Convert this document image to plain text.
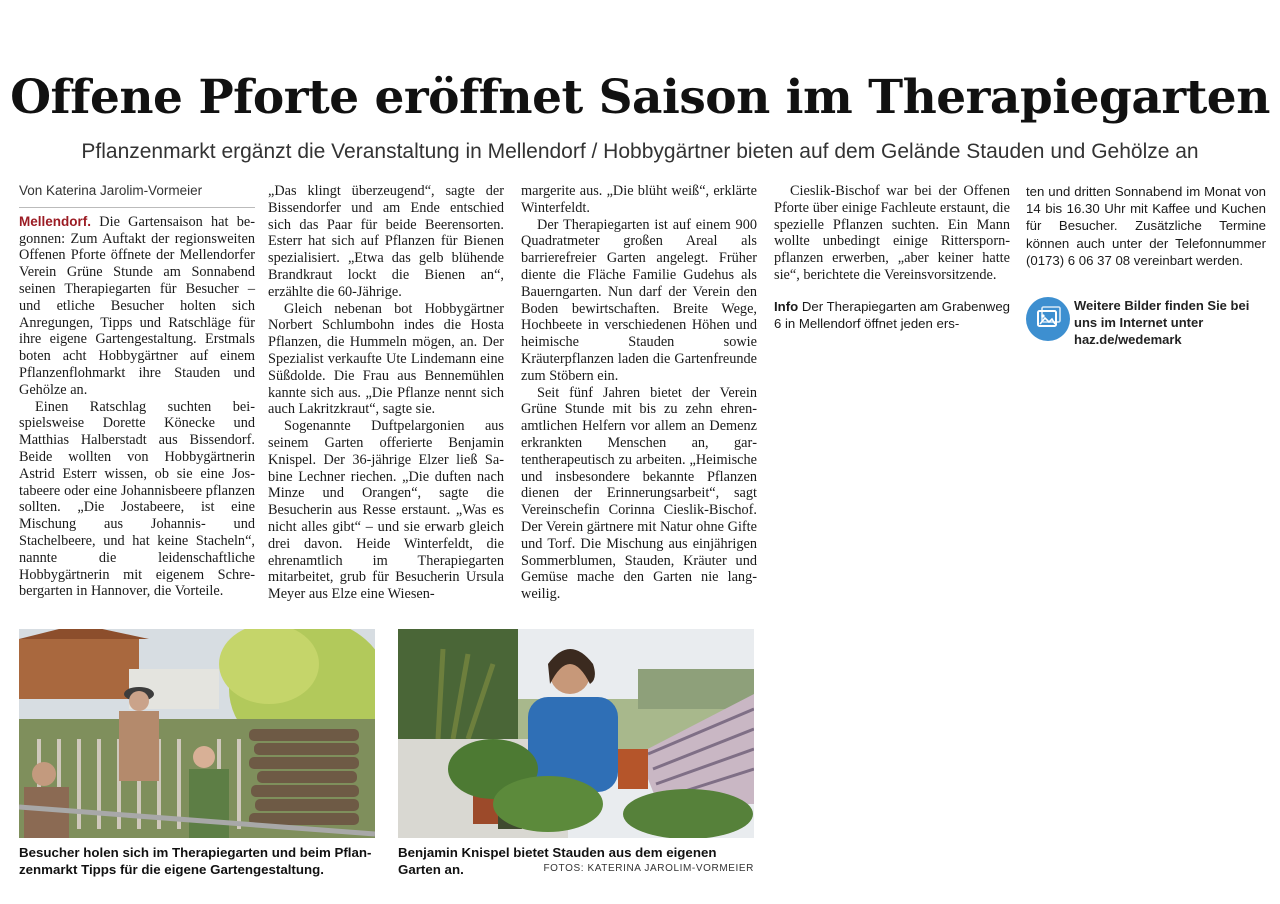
Offene Pforte eröffnet Saison im Therapiegarten

Pflanzenmarkt ergänzt die Veranstaltung in Mellendorf / Hobbygärtner bieten auf dem Gelände Stauden und Gehölze an

Von Katerina Jarolim-Vormeier

Mellendorf. Die Gartensaison hat begonnen: Zum Auftakt der regionsweiten Offenen Pforte öffnete der Mellendorfer Verein Grüne Stunde am Sonnabend seinen Therapiegarten für Besucher – und etliche Besucher holten sich Anregungen, Tipps und Ratschläge für ihre eigene Gartengestaltung. Erstmals boten acht Hobbygärtner auf einem Pflanzenflohmarkt ihre Stauden und Gehölze an.

Einen Ratschlag suchten beispielsweise Dorette Könecke und Matthias Halberstadt aus Bissendorf. Beide wollten von Hobbygärtnerin Astrid Esterr wissen, ob sie eine Jostabeere oder eine Johannisbeere pflanzen sollten. „Die Jostabeere, ist eine Mischung aus Johannis- und Stachelbeere, und hat keine Stacheln“, nannte die leidenschaftliche Hobbygärtnerin mit eigenem Schrebergarten in Hannover, die Vorteile.

„Das klingt überzeugend“, sagte der Bissendorfer und am Ende entschied sich das Paar für beide Beerensorten. Esterr hat sich auf Pflanzen für Bienen spezialisiert. „Etwa das gelb blühende Brandkraut lockt die Bienen an“, erzählte die 60-Jährige.

Gleich nebenan bot Hobbygärtner Norbert Schlumbohn indes die Hosta Pflanzen, die Hummeln mögen, an. Der Spezialist verkaufte Ute Lindemann eine Süßdolde. Die Frau aus Bennemühlen kannte sich aus. „Die Pflanze nennt sich auch Lakritzkraut“, sagte sie.

Sogenannte Duftpelargonien aus seinem Garten offerierte Benjamin Knispel. Der 36-jährige Elzer ließ Sabine Lechner riechen. „Die duften nach Minze und Orangen“, sagte die Besucherin aus Resse erstaunt. „Was es nicht alles gibt“ – und sie erwarb gleich drei davon. Heide Winterfeldt, die ehrenamtlich im Therapiegarten mitarbeitet, grub für Besucherin Ursula Meyer aus Elze eine Wiesen-

margerite aus. „Die blüht weiß“, erklärte Winterfeldt.

Der Therapiegarten ist auf einem 900 Quadratmeter großen Areal als barrierefreier Garten angelegt. Früher diente die Fläche Familie Gudehus als Bauerngarten. Nun darf der Verein den Boden bewirtschaften. Breite Wege, Hochbeete in verschiedenen Höhen und heimische Stauden sowie Kräuterpflanzen laden die Gartenfreunde zum Stöbern ein.

Seit fünf Jahren bietet der Verein Grüne Stunde mit bis zu zehn ehrenamtlichen Helfern vor allem an Demenz erkrankten Menschen an, gartentherapeutisch zu arbeiten. „Heimische und insbesondere bekannte Pflanzen dienen der Erinnerungsarbeit“, sagt Vereinschefin Corinna Cieslik-Bischof. Der Verein gärtnere mit Natur ohne Gifte und Torf. Die Mischung aus einjährigen Sommerblumen, Stauden, Kräuter und Gemüse mache den Garten nie langweilig.

Cieslik-Bischof war bei der Offenen Pforte über einige Fachleute erstaunt, die spezielle Pflanzen suchten. Ein Mann wollte unbedingt einige Ritterspornpflanzen erwerben, „aber keiner hatte sie“, berichtete die Vereinsvorsitzende.

Info Der Therapiegarten am Grabenweg 6 in Mellendorf öffnet jeden ers-

ten und dritten Sonnabend im Monat von 14 bis 16.30 Uhr mit Kaffee und Kuchen für Besucher. Zusätzliche Termine können auch unter der Telefonnummer (0173) 6 06 37 08 vereinbart werden.

Weitere Bilder finden Sie bei uns im Internet unter haz.de/wedemark
Besucher holen sich im Therapiegarten und beim Pflanzenmarkt Tipps für die eigene Gartengestaltung.
Benjamin Knispel bietet Stauden aus dem eigenen Garten an.	FOTOS: KATERINA JAROLIM-VORMEIER
